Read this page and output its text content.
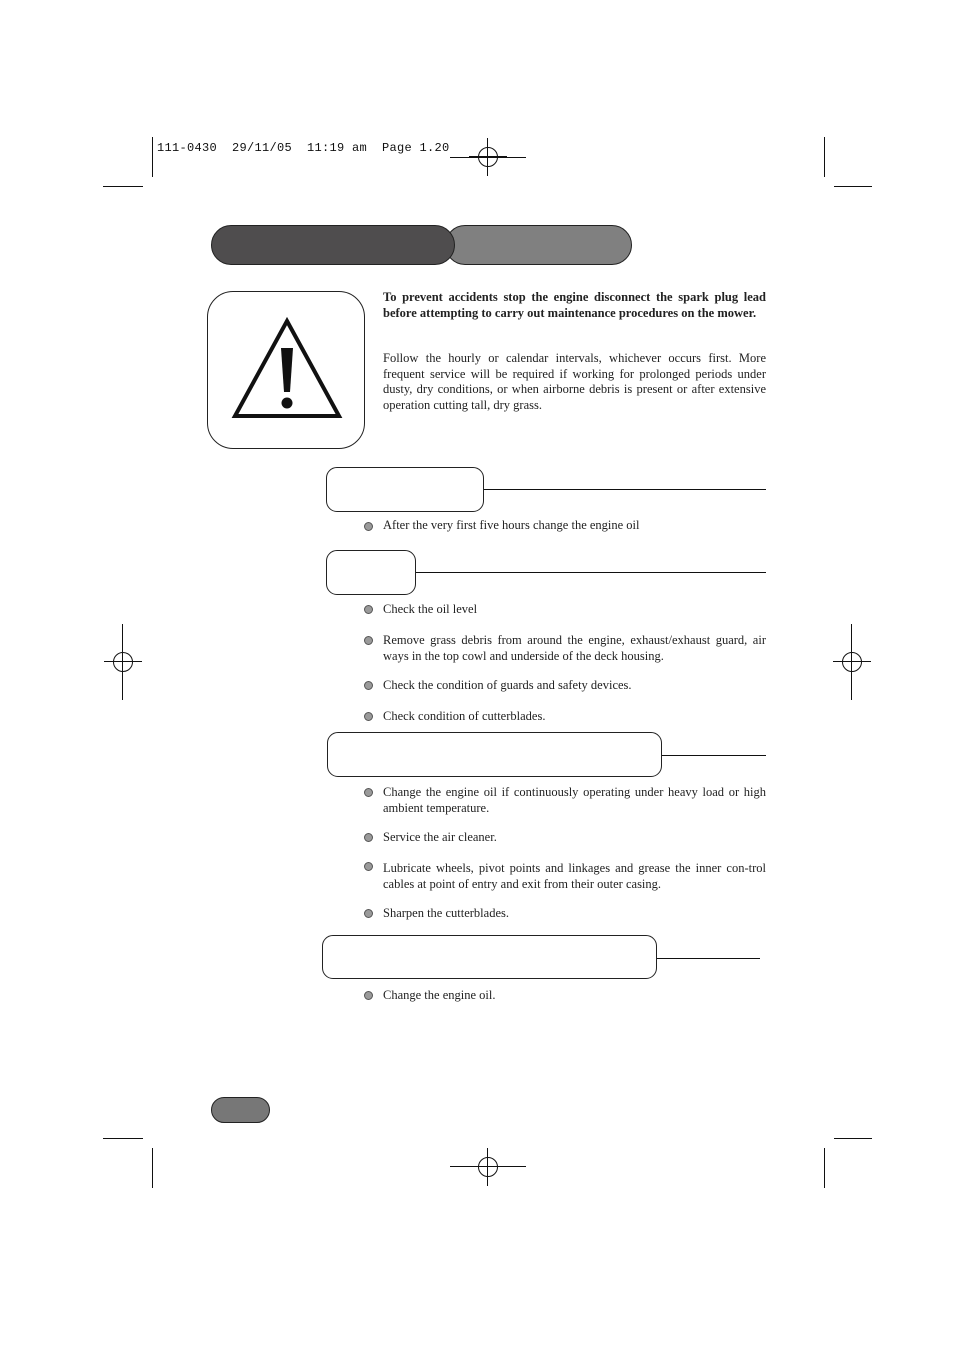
111-0430  29/11/05  11:19 am  Page 1.20
To prevent accidents stop the engine disconnect the spark plug lead before attempting to carry out maintenance procedures on the mower.
Follow the hourly or calendar intervals, whichever occurs first. More frequent service will be required if working for prolonged periods under dusty, dry conditions, or when airborne debris is present or after extensive operation cutting tall, dry grass.
After the very first five hours change the engine oil
Check the oil level
Remove grass debris from around the engine, exhaust/exhaust guard, air ways in the top cowl and underside of the deck housing.
Check the condition of guards and safety devices.
Check condition of cutterblades.
Change the engine oil if continuously operating under heavy load or high ambient temperature.
Service the air cleaner.
Lubricate wheels, pivot points and linkages and grease the inner con-trol cables at point of entry and exit from their outer casing.
Sharpen the cutterblades.
Change the engine oil.
